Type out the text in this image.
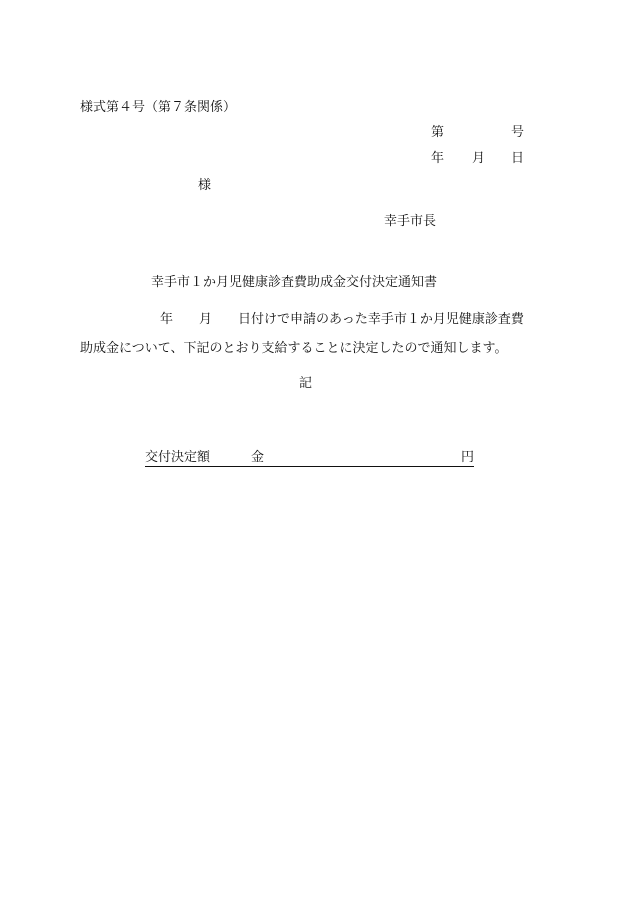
様式第４号（第７条関係）
第	号
年 月 日
様
幸手市長
幸手市１か月児健康診査費助成金交付決定通知書
年 月 日付けで申請のあった幸手市１か月児健康診査費
助成金について、下記のとおり支給することに決定したので通知します。
記
交付決定額	金	円
